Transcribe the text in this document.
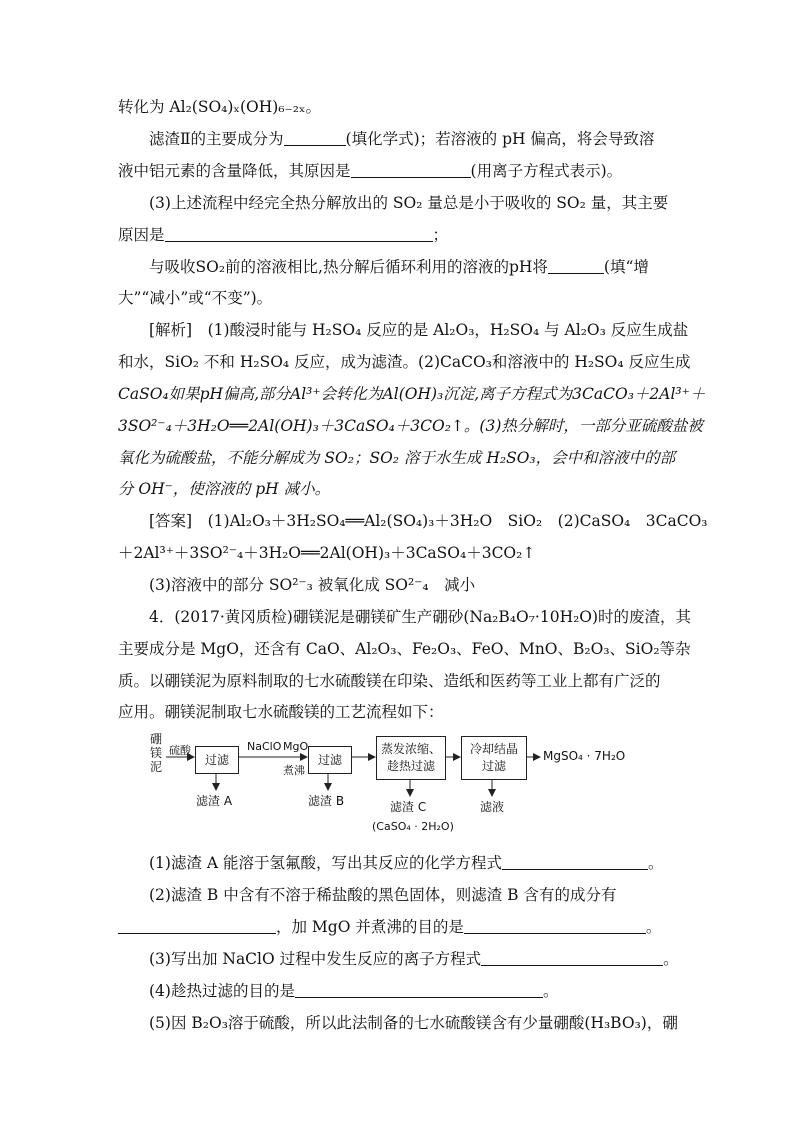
转化为 Al₂(SO₄)ₓ(OH)₆₋₂ₓ。
滤渣Ⅱ的主要成分为	(填化学式)；若溶液的 pH 偏高，将会导致溶
液中铝元素的含量降低，其原因是	(用离子方程式表示)。
(3)上述流程中经完全热分解放出的 SO₂ 量总是小于吸收的 SO₂ 量，其主要
原因是	；
与吸收SO₂前的溶液相比,热分解后循环利用的溶液的pH将	(填“增
大”“减小”或“不变”)。
[解析]　 (1)酸浸时能与 H₂SO₄ 反应的是 Al₂O₃，H₂SO₄ 与 Al₂O₃ 反应生成盐
和水，SiO₂ 不和 H₂SO₄ 反应，成为滤渣。(2)CaCO₃和溶液中的 H₂SO₄ 反应生成
CaSO₄如果pH偏高,部分Al³⁺会转化为Al(OH)₃沉淀,离子方程式为3CaCO₃＋2Al³⁺＋
3SO²⁻₄＋3H₂O══2Al(OH)₃＋3CaSO₄＋3CO₂↑。(3)热分解时，一部分亚硫酸盐被
氧化为硫酸盐，不能分解成为 SO₂；SO₂ 溶于水生成 H₂SO₃，会中和溶液中的部
分 OH⁻，使溶液的 pH 减小。
[答案]　 (1)Al₂O₃＋3H₂SO₄══Al₂(SO₄)₃＋3H₂O　SiO₂　(2)CaSO₄　3CaCO₃
＋2Al³⁺＋3SO²⁻₄＋3H₂O══2Al(OH)₃＋3CaSO₄＋3CO₂↑
(3)溶液中的部分 SO²⁻₃ 被氧化成 SO²⁻₄　减小
4．(2017·黄冈质检)硼镁泥是硼镁矿生产硼砂(Na₂B₄O₇·10H₂O)时的废渣，其
主要成分是 MgO，还含有 CaO、Al₂O₃、Fe₂O₃、FeO、MnO、B₂O₃、SiO₂等杂
质。以硼镁泥为原料制取的七水硫酸镁在印染、造纸和医药等工业上都有广泛的
应用。硼镁泥制取七水硫酸镁的工艺流程如下：
硼镁泥
硫酸
过滤
NaClO MgO
煮沸
过滤
蒸发浓缩、
趁热过滤
冷却结晶
过滤
MgSO₄ · 7H₂O
滤渣 A	滤渣 B	滤渣 C
(CaSO₄ · 2H₂O)
滤液
(1)滤渣 A 能溶于氢氟酸，写出其反应的化学方程式	。
(2)滤渣 B 中含有不溶于稀盐酸的黑色固体，则滤渣 B 含有的成分有
，加 MgO 并煮沸的目的是	。
(3)写出加 NaClO 过程中发生反应的离子方程式	。
(4)趁热过滤的目的是	。
(5)因 B₂O₃溶于硫酸，所以此法制备的七水硫酸镁含有少量硼酸(H₃BO₃)，硼
